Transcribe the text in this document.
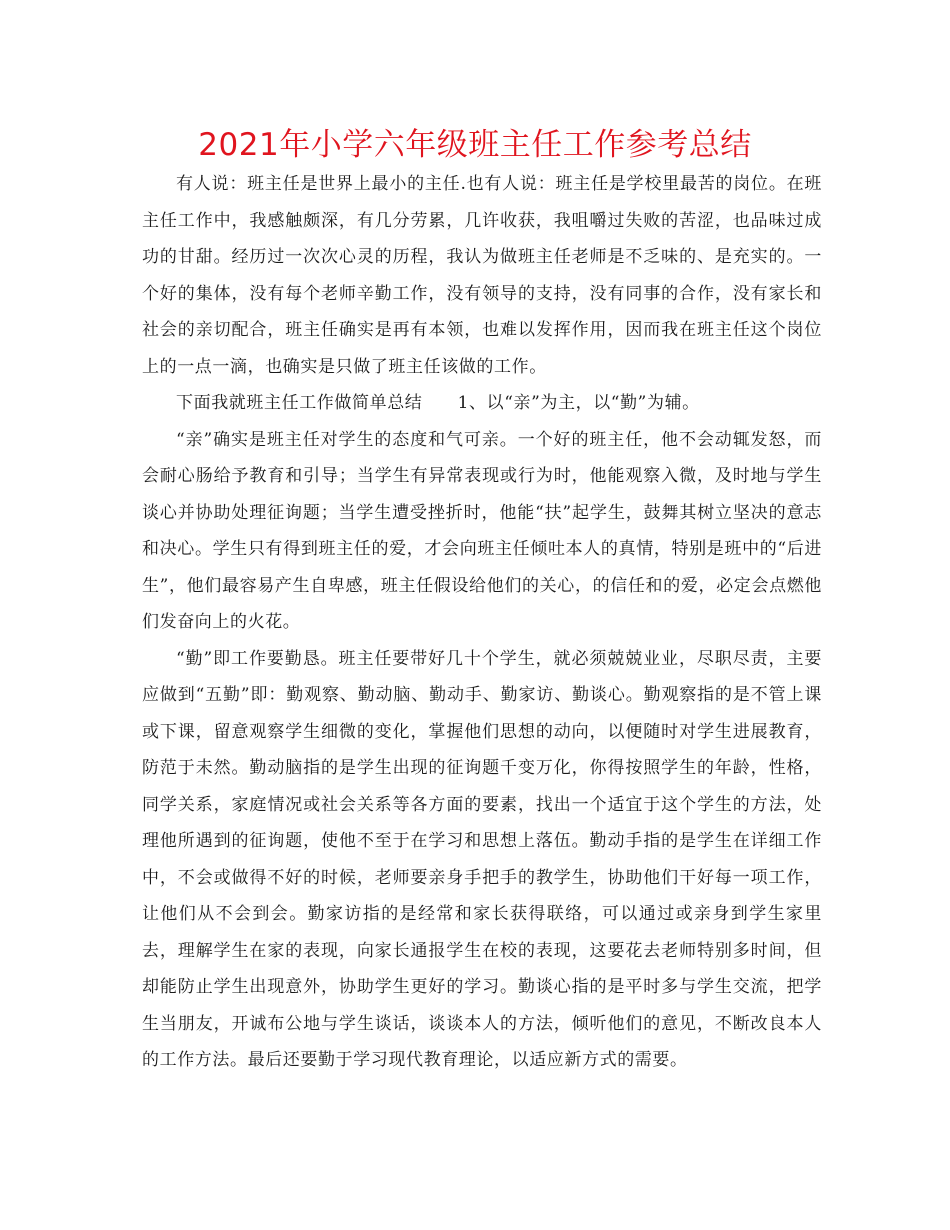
2021年小学六年级班主任工作参考总结

有人说：班主任是世界上最小的主任.也有人说：班主任是学校里最苦的岗位。在班主任工作中，我感触颇深，有几分劳累，几许收获，我咀嚼过失败的苦涩，也品味过成功的甘甜。经历过一次次心灵的历程，我认为做班主任老师是不乏味的、是充实的。一个好的集体，没有每个老师辛勤工作，没有领导的支持，没有同事的合作，没有家长和社会的亲切配合，班主任确实是再有本领，也难以发挥作用，因而我在班主任这个岗位上的一点一滴，也确实是只做了班主任该做的工作。

下面我就班主任工作做简单总结　　1、以“亲”为主，以“勤”为辅。

“亲”确实是班主任对学生的态度和气可亲。一个好的班主任，他不会动辄发怒，而会耐心肠给予教育和引导；当学生有异常表现或行为时，他能观察入微，及时地与学生谈心并协助处理征询题；当学生遭受挫折时，他能“扶”起学生，鼓舞其树立坚决的意志和决心。学生只有得到班主任的爱，才会向班主任倾吐本人的真情，特别是班中的“后进生”，他们最容易产生自卑感，班主任假设给他们的关心，的信任和的爱，必定会点燃他们发奋向上的火花。

“勤”即工作要勤恳。班主任要带好几十个学生，就必须兢兢业业，尽职尽责，主要应做到“五勤”即：勤观察、勤动脑、勤动手、勤家访、勤谈心。勤观察指的是不管上课或下课，留意观察学生细微的变化，掌握他们思想的动向，以便随时对学生进展教育，防范于未然。勤动脑指的是学生出现的征询题千变万化，你得按照学生的年龄，性格，同学关系，家庭情况或社会关系等各方面的要素，找出一个适宜于这个学生的方法，处理他所遇到的征询题，使他不至于在学习和思想上落伍。勤动手指的是学生在详细工作中，不会或做得不好的时候，老师要亲身手把手的教学生，协助他们干好每一项工作，让他们从不会到会。勤家访指的是经常和家长获得联络，可以通过或亲身到学生家里去，理解学生在家的表现，向家长通报学生在校的表现，这要花去老师特别多时间，但却能防止学生出现意外，协助学生更好的学习。勤谈心指的是平时多与学生交流，把学生当朋友，开诚布公地与学生谈话，谈谈本人的方法，倾听他们的意见，不断改良本人的工作方法。最后还要勤于学习现代教育理论，以适应新方式的需要。
